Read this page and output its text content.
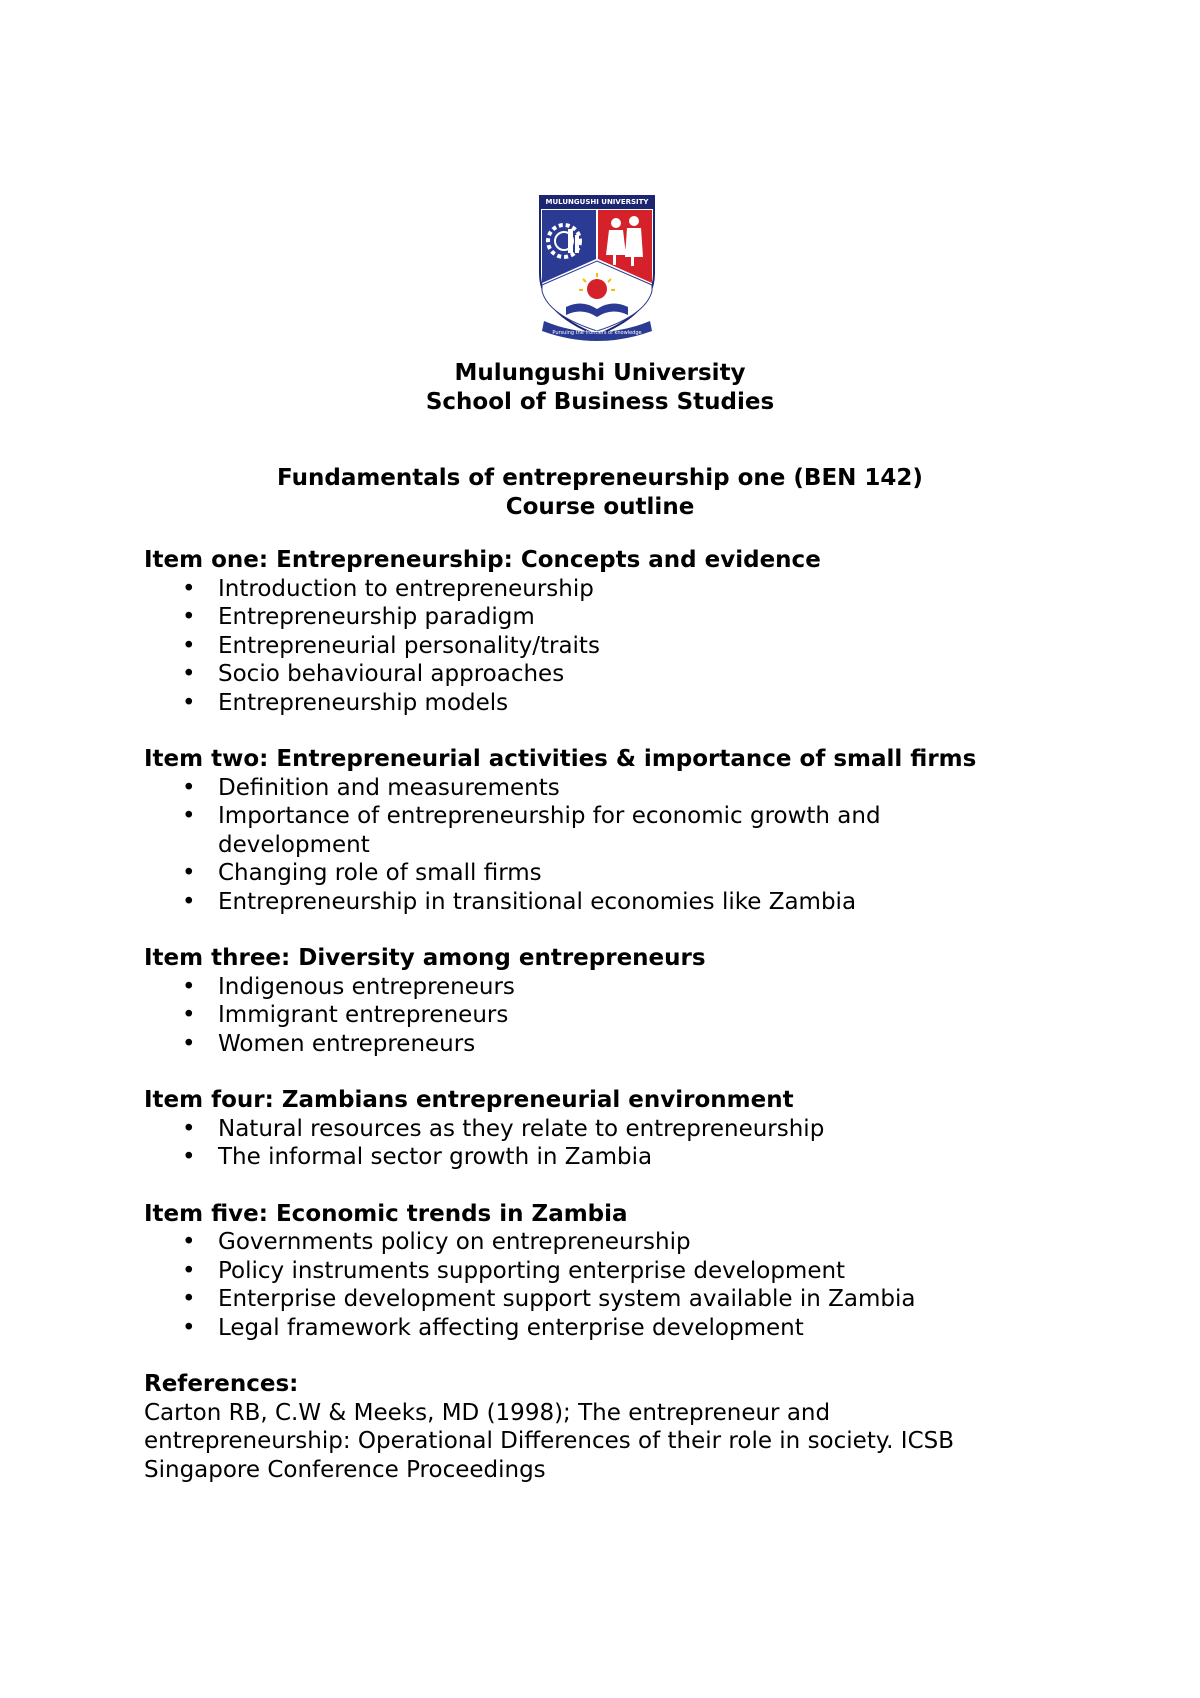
MULUNGUSHI UNIVERSITY
Pursuing the frontiers of knowledge
Mulungushi University
School of Business Studies
Fundamentals of entrepreneurship one (BEN 142)
Course outline

Item one: Entrepreneurship: Concepts and evidence

• Introduction to entrepreneurship
• Entrepreneurship paradigm
• Entrepreneurial personality/traits
• Socio behavioural approaches
• Entrepreneurship models

Item two: Entrepreneurial activities & importance of small firms

• Definition and measurements
• Importance of entrepreneurship for economic growth and development
• Changing role of small firms
• Entrepreneurship in transitional economies like Zambia

Item three: Diversity among entrepreneurs

• Indigenous entrepreneurs
• Immigrant entrepreneurs
• Women entrepreneurs

Item four: Zambians entrepreneurial environment

• Natural resources as they relate to entrepreneurship
• The informal sector growth in Zambia

Item five: Economic trends in Zambia

• Governments policy on entrepreneurship
• Policy instruments supporting enterprise development
• Enterprise development support system available in Zambia
• Legal framework affecting enterprise development

References:

Carton RB, C.W & Meeks, MD (1998); The entrepreneur and entrepreneurship: Operational Differences of their role in society. ICSB Singapore Conference Proceedings
